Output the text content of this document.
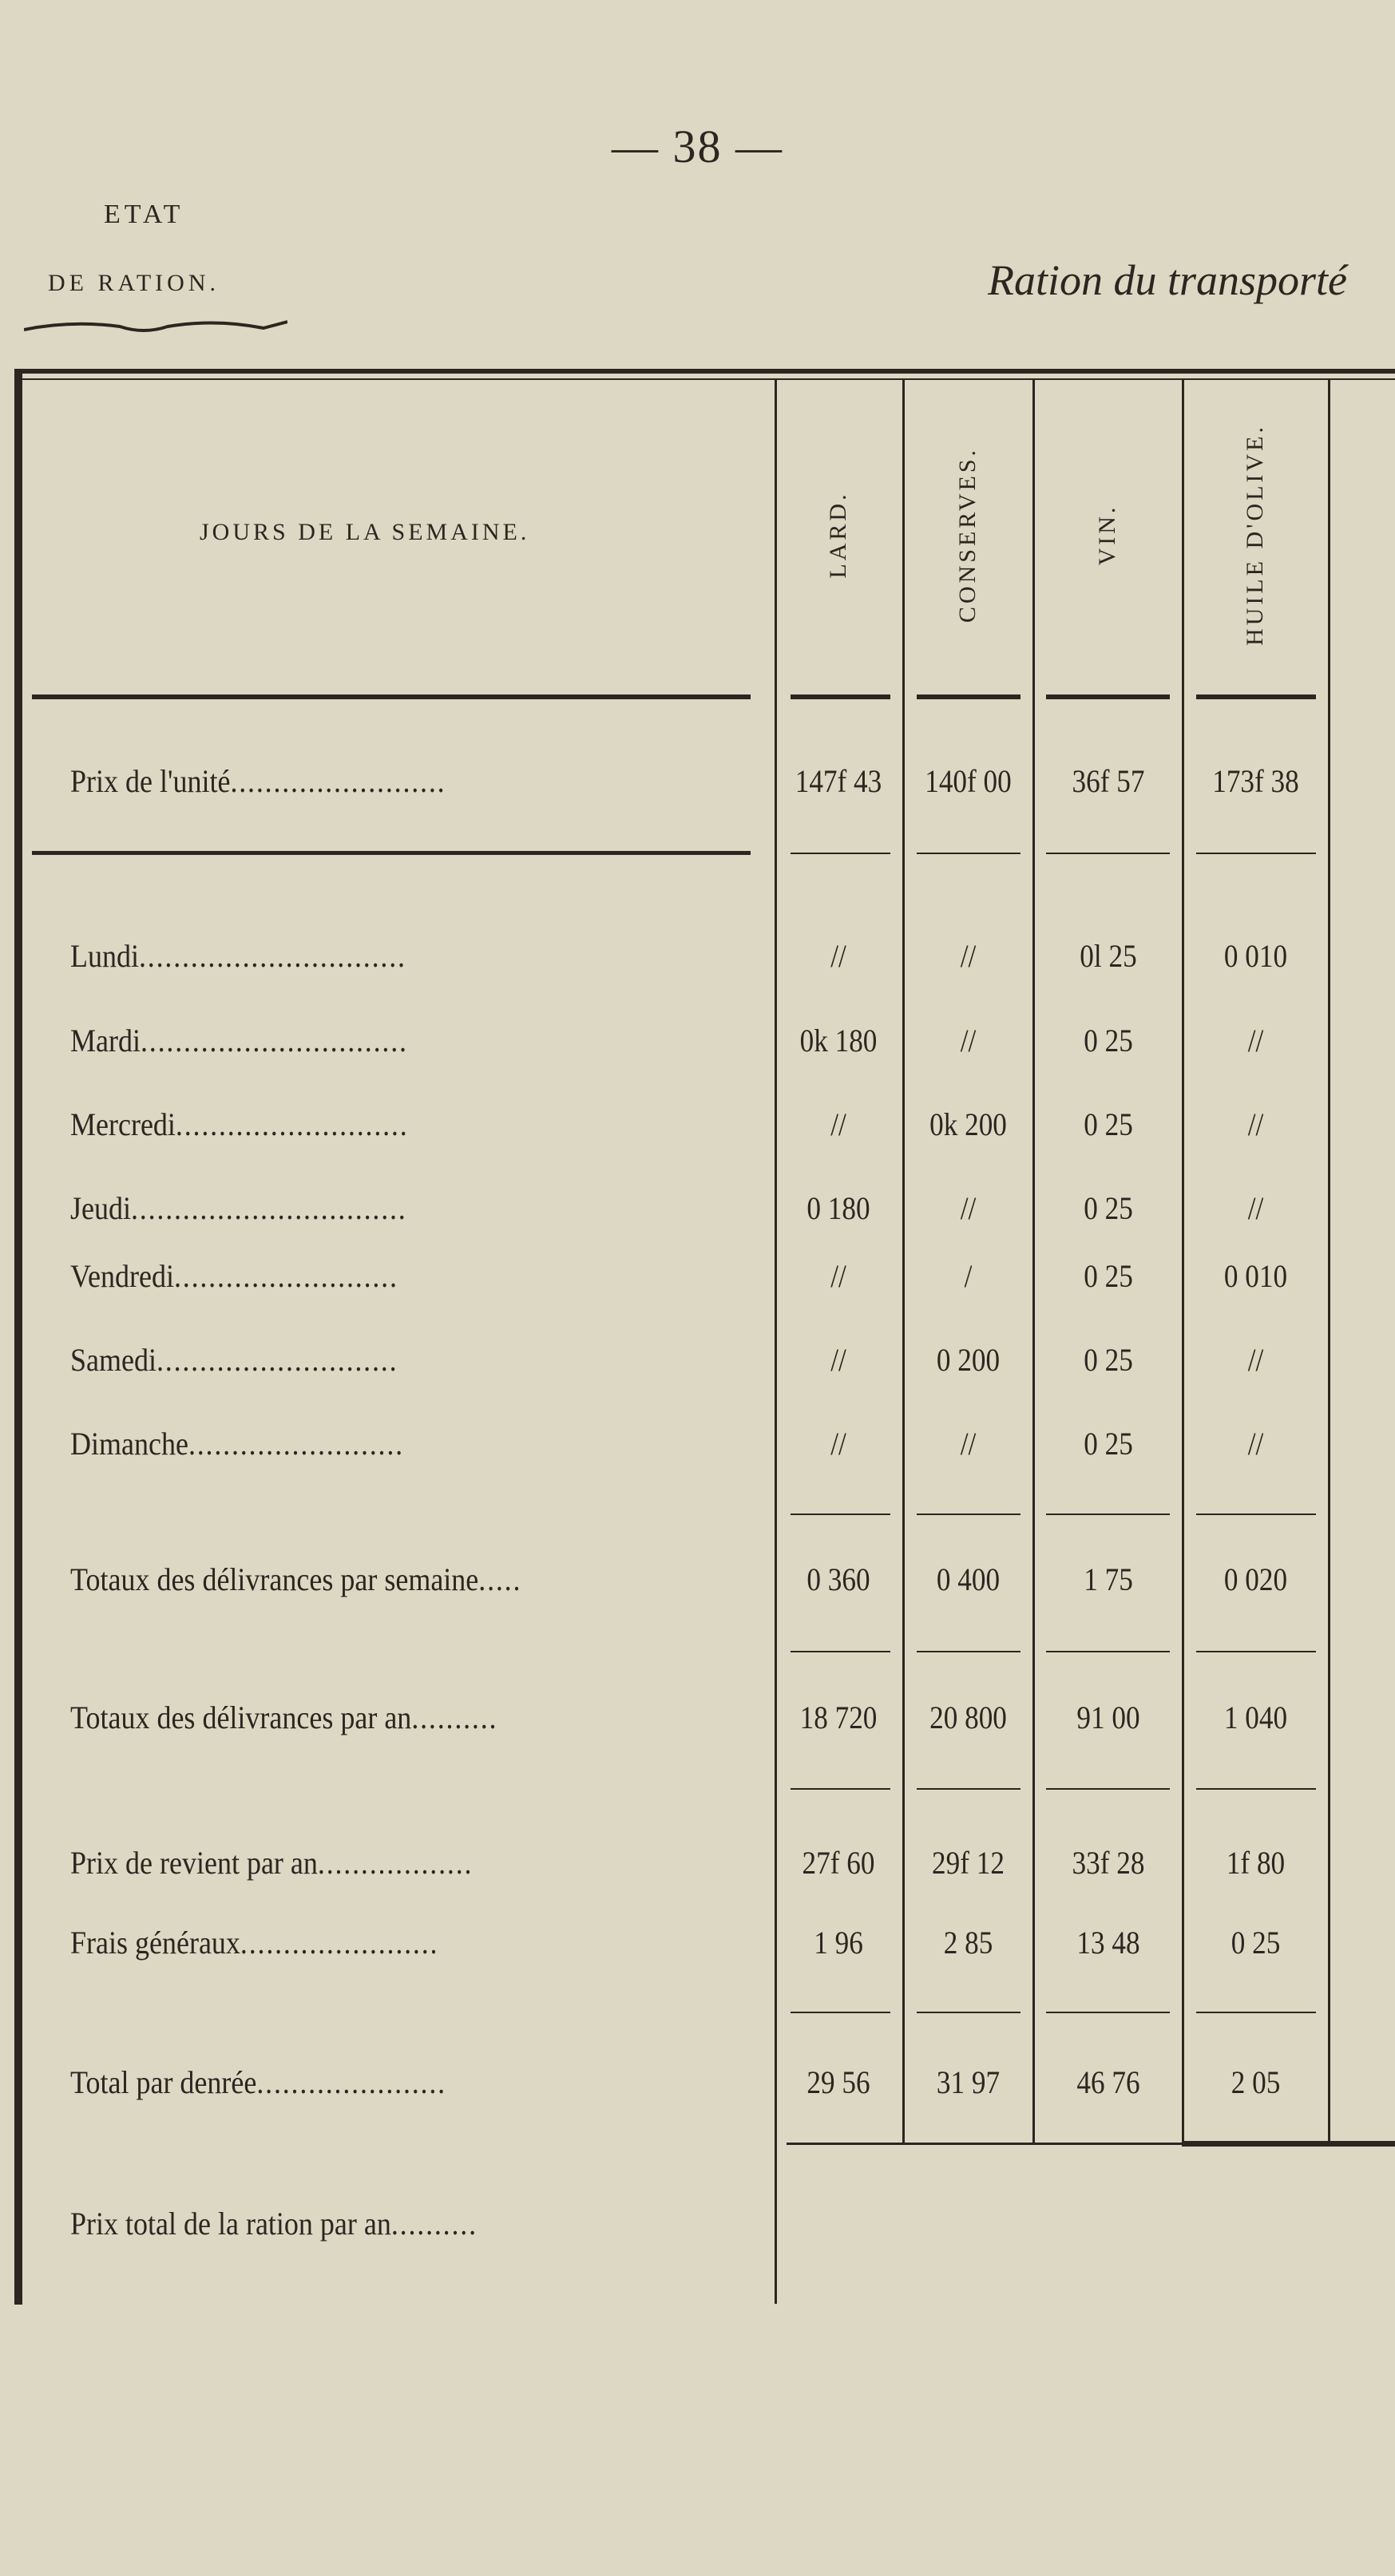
— 38 —
ETAT
DE RATION.	Ration du transporté
JOURS DE LA SEMAINE.	LARD.	CONSERVES.	VIN.	HUILE D'OLIVE.
Prix de l'unité.........................	147f 43	140f 00	36f 57	173f 38
Lundi...............................	//	//	0l 25	0 010
Mardi...............................	0k 180	//	0 25	//
Mercredi...........................	//	0k 200	0 25	//
Jeudi................................	0 180	//	0 25	//
Vendredi..........................	//	/	0 25	0 010
Samedi............................	//	0 200	0 25	//
Dimanche.........................	//	//	0 25	//
Totaux des délivrances par semaine.....	0 360	0 400	1 75	0 020
Totaux des délivrances par an..........	18 720	20 800	91 00	1 040
Prix de revient par an..................	27f 60	29f 12	33f 28	1f 80
Frais généraux.......................	1 96	2 85	13 48	0 25
Total par denrée......................	29 56	31 97	46 76	2 05
Prix total de la ration par an..........
